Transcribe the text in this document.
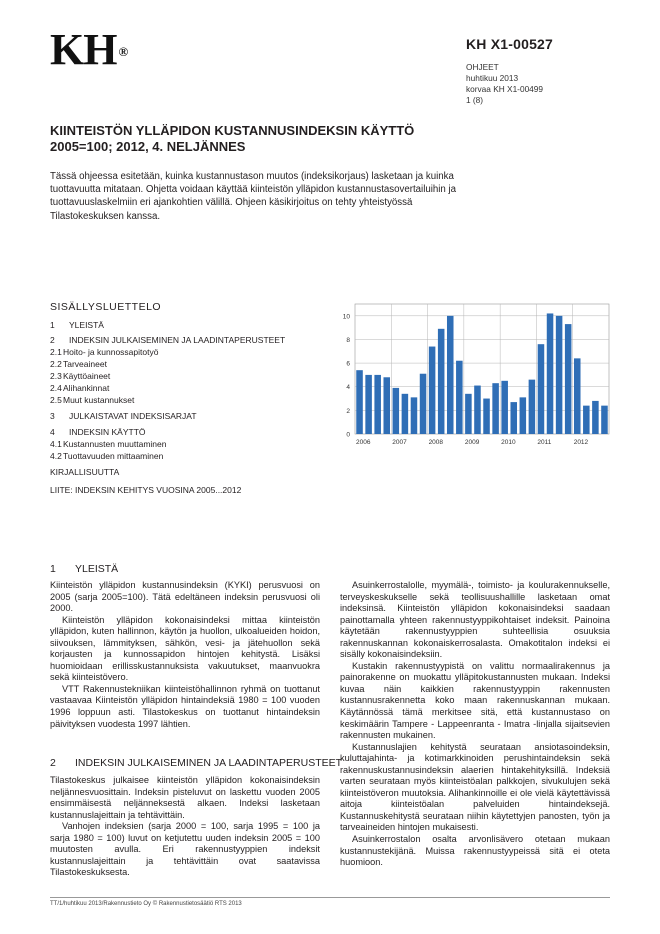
KH ®	KH X1-00527
OHJEET
huhtikuu 2013
korvaa KH X1-00499
1 (8)
KIINTEISTÖN YLLÄPIDON KUSTANNUSINDEKSIN KÄYTTÖ
2005=100; 2012, 4. NELJÄNNES
Tässä ohjeessa esitetään, kuinka kustannustason muutos (indeksikorjaus) lasketaan ja kuinka tuottavuutta mitataan. Ohjetta voidaan käyttää kiinteistön ylläpidon kustannustasovertailuihin ja tuottavuuslaskelmiin eri ajankohtien välillä. Ohjeen käsikirjoitus on tehty yhteistyössä Tilastokeskuksen kanssa.
SISÄLLYSLUETTELO
1 YLEISTÄ
2 INDEKSIN JULKAISEMINEN JA LAADINTAPERUSTEET
2.1Hoito- ja kunnossapitotyö
2.2Tarveaineet
2.3Käyttöaineet
2.4Alihankinnat
2.5Muut kustannukset
3 JULKAISTAVAT INDEKSISARJAT
4 INDEKSIN KÄYTTÖ
4.1Kustannusten muuttaminen
4.2Tuottavuuden mittaaminen
KIRJALLISUUTTA
LIITE: INDEKSIN KEHITYS VUOSINA 2005...2012
0
2
4
6
8
10
2006	2007	2008	2009	2010	2011	2012
1 YLEISTÄ

Kiinteistön ylläpidon kustannusindeksin (KYKI) perusvuosi on 2005 (sarja 2005=100). Tätä edeltäneen indeksin perusvuosi oli 2000.

Kiinteistön ylläpidon kokonaisindeksi mittaa kiinteistön ylläpidon, kuten hallinnon, käytön ja huollon, ulkoalueiden hoidon, siivouksen, lämmityksen, sähkön, vesi- ja jätehuollon sekä korjausten ja kunnossapidon hintojen kehitystä. Lisäksi huomioidaan erillisskustannuksista vakuutukset, maanvuokra sekä kiinteistövero.

VTT Rakennustekniikan kiinteistöhallinnon ryhmä on tuottanut vastaavaa Kiinteistön ylläpidon hintaindeksiä 1980 = 100 vuoden 1996 loppuun asti. Tilastokeskus on tuottanut hintaindeksin päivityksen vuodesta 1997 lähtien.

2 INDEKSIN JULKAISEMINEN JA LAADINTAPERUSTEET

Tilastokeskus julkaisee kiinteistön ylläpidon kokonaisindeksin neljännesvuosittain. Indeksin pisteluvut on laskettu vuoden 2005 ensimmäisestä neljänneksestä alkaen. Indeksi lasketaan kustannuslajeittain ja tehtävittäin.

Vanhojen indeksien (sarja 2000 = 100, sarja 1995 = 100 ja sarja 1980 = 100) luvut on ketjutettu uuden indeksin 2005 = 100 muutosten avulla. Eri rakennustyyppien indeksit kustannuslajeittain ja tehtävittäin ovat saatavissa Tilastokeskuksesta.

Asuinkerrostalolle, myymälä-, toimisto- ja koulurakennukselle, terveyskeskukselle sekä teollisuushallille lasketaan omat indeksinsä. Kiinteistön ylläpidon kokonaisindeksi saadaan painottamalla yhteen rakennustyyppikohtaiset indeksit. Painoina käytetään rakennustyyppien suhteellisia osuuksia rakennuskannan kokonaiskerrosalasta. Omakotitalon indeksi ei sisälly kokonaisindeksiin.

Kustakin rakennustyypistä on valittu normaalirakennus ja painorakenne on muokattu ylläpitokustannusten mukaan. Indeksi kuvaa näin kaikkien rakennustyyppin rakennusten kustannusrakennetta koko maan rakennuskannan mukaan. Käytännössä tämä merkitsee sitä, että kustannustaso on keskimäärin Tampere - Lappeenranta - Imatra -linjalla sijaitsevien rakennusten mukainen.

Kustannuslajien kehitystä seurataan ansiotasoindeksin, kuluttajahinta- ja kotimarkkinoiden perushintaindeksin sekä rakennuskustannusindeksin alaerien hintakehityksillä. Indeksiä varten seurataan myös kiinteistöalan palkkojen, sivukulujen sekä kiinteistöveron muutoksia. Alihankinnoille ei ole vielä käytettävissä aitoja kiinteistöalan palveluiden hintaindeksejä. Kustannuskehitystä seurataan niihin käytettyjen panosten, työn ja tarveaineiden hintojen mukaisesti.

Asuinkerrostalon osalta arvonlisävero otetaan mukaan kustannustekijänä. Muissa rakennustyypeissä sitä ei oteta huomioon.

TT/1/huhtikuu 2013/Rakennustieto Oy © Rakennustietosäätiö RTS 2013
